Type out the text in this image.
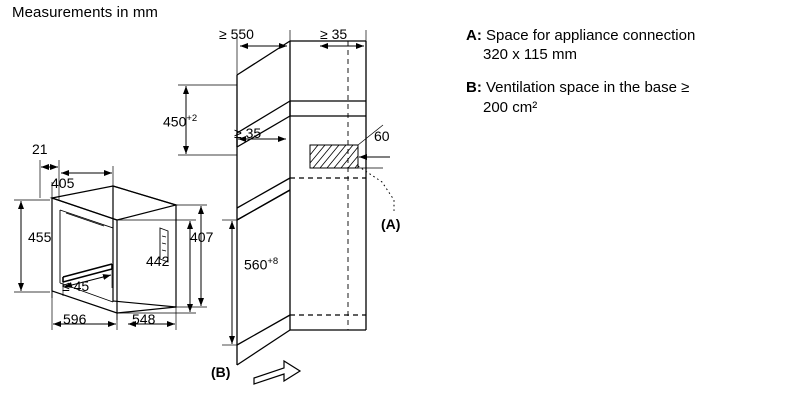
Measurements in mm
A: Space for appliance connection
320 x 115 mm
B: Ventilation space in the base ≥
200 cm²
≥ 550	≥ 35
$450^{+2}$
≥ 35	60
$560^{+8}$
(A)
(B)
21
405
455	407
442
≤ 45
596	548
